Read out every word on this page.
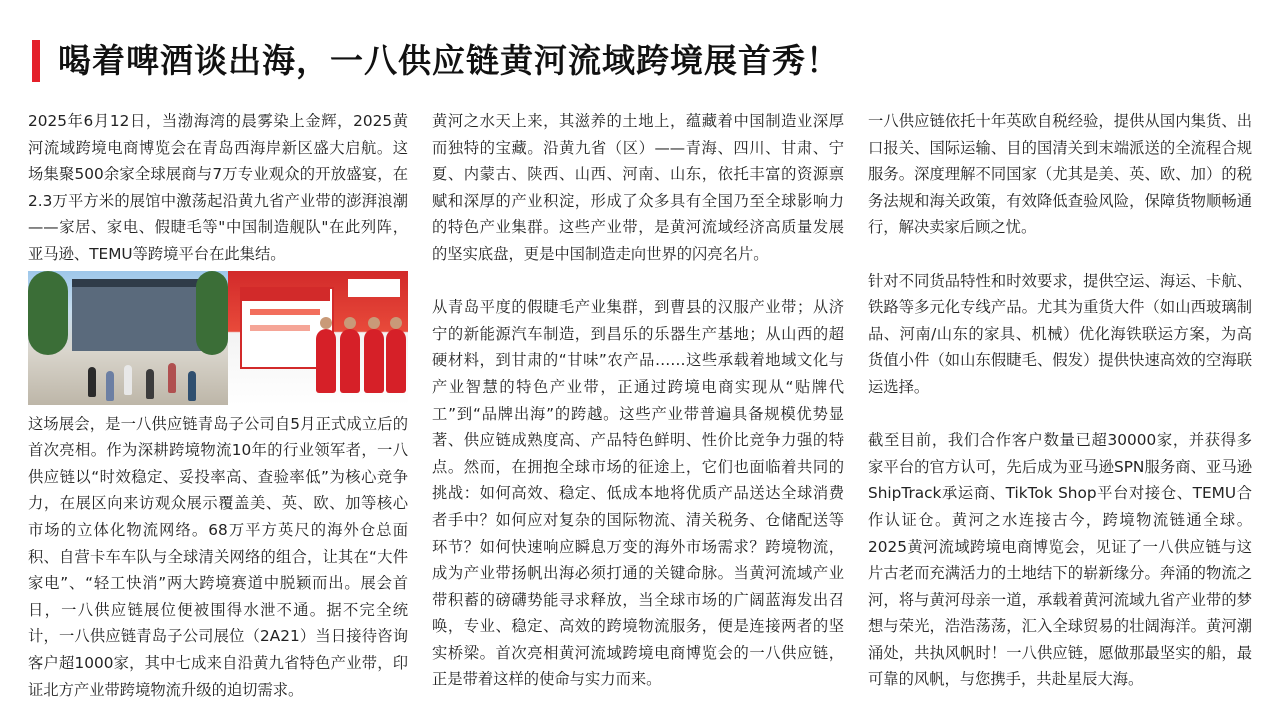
喝着啤酒谈出海，一八供应链黄河流域跨境展首秀！

2025年6月12日，当渤海湾的晨雾染上金辉，2025黄河流域跨境电商博览会在青岛西海岸新区盛大启航。这场集聚500余家全球展商与7万专业观众的开放盛宴，在2.3万平方米的展馆中激荡起沿黄九省产业带的澎湃浪潮——家居、家电、假睫毛等"中国制造舰队"在此列阵，亚马逊、TEMU等跨境平台在此集结。

这场展会，是一八供应链青岛子公司自5月正式成立后的首次亮相。作为深耕跨境物流10年的行业领军者，一八供应链以“时效稳定、妥投率高、查验率低”为核心竞争力，在展区向来访观众展示覆盖美、英、欧、加等核心市场的立体化物流网络。68万平方英尺的海外仓总面积、自营卡车车队与全球清关网络的组合，让其在“大件家电”、“轻工快消”两大跨境赛道中脱颖而出。展会首日，一八供应链展位便被围得水泄不通。据不完全统计，一八供应链青岛子公司展位（2A21）当日接待咨询客户超1000家，其中七成来自沿黄九省特色产业带，印证北方产业带跨境物流升级的迫切需求。

黄河之水天上来，其滋养的土地上，蕴藏着中国制造业深厚而独特的宝藏。沿黄九省（区）——青海、四川、甘肃、宁夏、内蒙古、陕西、山西、河南、山东，依托丰富的资源禀赋和深厚的产业积淀，形成了众多具有全国乃至全球影响力的特色产业集群。这些产业带，是黄河流域经济高质量发展的坚实底盘，更是中国制造走向世界的闪亮名片。

从青岛平度的假睫毛产业集群，到曹县的汉服产业带；从济宁的新能源汽车制造，到昌乐的乐器生产基地；从山西的超硬材料，到甘肃的“甘味”农产品……这些承载着地域文化与产业智慧的特色产业带，正通过跨境电商实现从“贴牌代工”到“品牌出海”的跨越。这些产业带普遍具备规模优势显著、供应链成熟度高、产品特色鲜明、性价比竞争力强的特点。然而，在拥抱全球市场的征途上，它们也面临着共同的挑战：如何高效、稳定、低成本地将优质产品送达全球消费者手中？如何应对复杂的国际物流、清关税务、仓储配送等环节？如何快速响应瞬息万变的海外市场需求？跨境物流，成为产业带扬帆出海必须打通的关键命脉。当黄河流域产业带积蓄的磅礴势能寻求释放，当全球市场的广阔蓝海发出召唤，专业、稳定、高效的跨境物流服务，便是连接两者的坚实桥梁。首次亮相黄河流域跨境电商博览会的一八供应链，正是带着这样的使命与实力而来。

一八供应链依托十年英欧自税经验，提供从国内集货、出口报关、国际运输、目的国清关到末端派送的全流程合规服务。深度理解不同国家（尤其是美、英、欧、加）的税务法规和海关政策，有效降低查验风险，保障货物顺畅通行，解决卖家后顾之忧。

针对不同货品特性和时效要求，提供空运、海运、卡航、铁路等多元化专线产品。尤其为重货大件（如山西玻璃制品、河南/山东的家具、机械）优化海铁联运方案，为高货值小件（如山东假睫毛、假发）提供快速高效的空海联运选择。

截至目前，我们合作客户数量已超30000家，并获得多家平台的官方认可，先后成为亚马逊SPN服务商、亚马逊ShipTrack承运商、TikTok Shop平台对接仓、TEMU合作认证仓。黄河之水连接古今，跨境物流链通全球。2025黄河流域跨境电商博览会，见证了一八供应链与这片古老而充满活力的土地结下的崭新缘分。奔涌的物流之河，将与黄河母亲一道，承载着黄河流域九省产业带的梦想与荣光，浩浩荡荡，汇入全球贸易的壮阔海洋。黄河潮涌处，共执风帆时！一八供应链，愿做那最坚实的船，最可靠的风帆，与您携手，共赴星辰大海。
